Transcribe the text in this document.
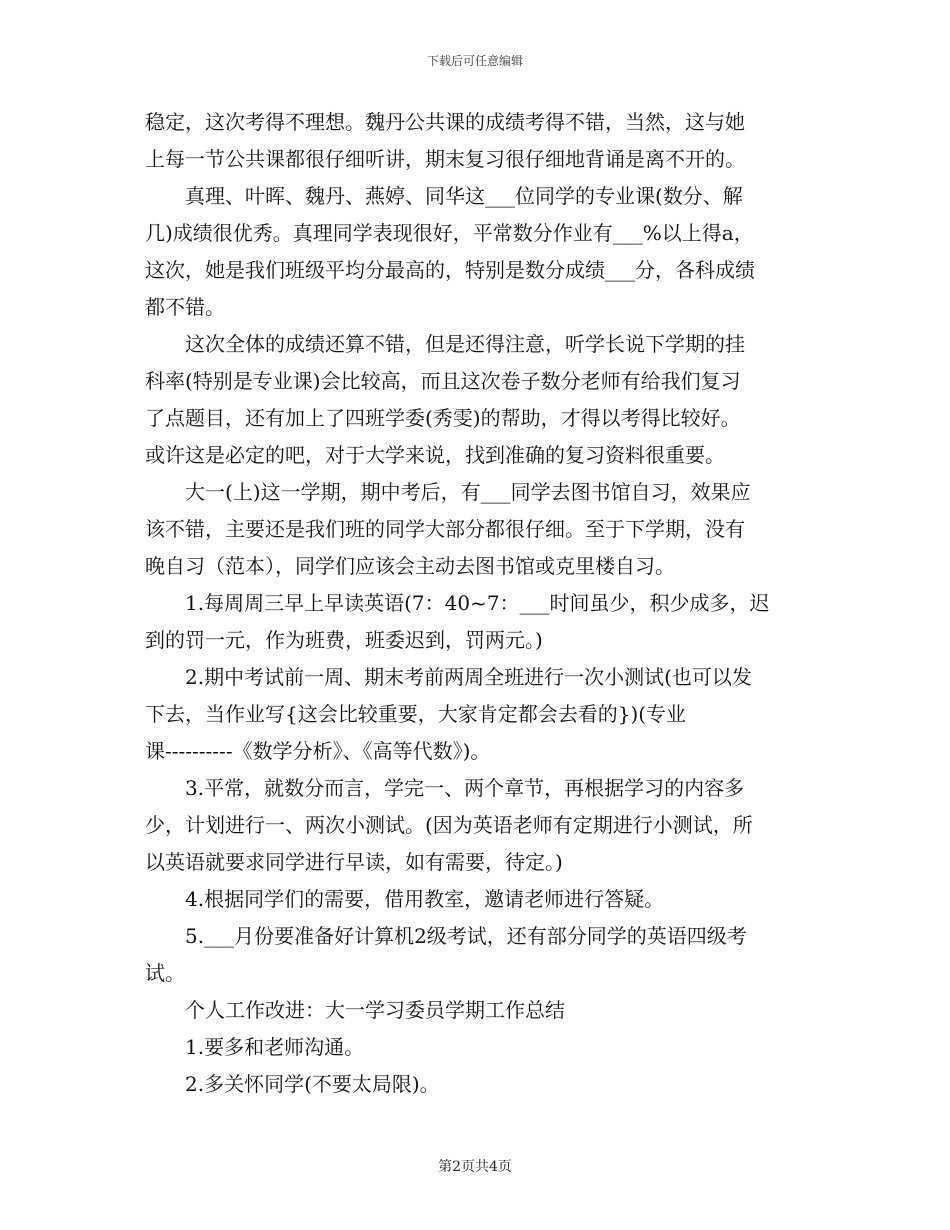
下载后可任意编辑
稳定，这次考得不理想。魏丹公共课的成绩考得不错，当然，这与她
上每一节公共课都很仔细听讲，期末复习很仔细地背诵是离不开的。
　　真理、叶晖、魏丹、燕婷、同华这___位同学的专业课(数分、解
几)成绩很优秀。真理同学表现很好，平常数分作业有___%以上得a，
这次，她是我们班级平均分最高的，特别是数分成绩___分，各科成绩
都不错。
　　这次全体的成绩还算不错，但是还得注意，听学长说下学期的挂
科率(特别是专业课)会比较高，而且这次卷子数分老师有给我们复习
了点题目，还有加上了四班学委(秀雯)的帮助，才得以考得比较好。
或许这是必定的吧，对于大学来说，找到准确的复习资料很重要。
　　大一(上)这一学期，期中考后，有___同学去图书馆自习，效果应
该不错，主要还是我们班的同学大部分都很仔细。至于下学期，没有
晚自习（范本），同学们应该会主动去图书馆或克里楼自习。
　　1.每周周三早上早读英语(7：40~7：___时间虽少，积少成多，迟
到的罚一元，作为班费，班委迟到，罚两元。)
　　2.期中考试前一周、期末考前两周全班进行一次小测试(也可以发
下去，当作业写{这会比较重要，大家肯定都会去看的})(专业
课----------《数学分析》、《高等代数》)。
　　3.平常，就数分而言，学完一、两个章节，再根据学习的内容多
少，计划进行一、两次小测试。(因为英语老师有定期进行小测试，所
以英语就要求同学进行早读，如有需要，待定。)
　　4.根据同学们的需要，借用教室，邀请老师进行答疑。
　　5.___月份要准备好计算机2级考试，还有部分同学的英语四级考
试。
　　个人工作改进：大一学习委员学期工作总结
　　1.要多和老师沟通。
　　2.多关怀同学(不要太局限)。
第2页共4页
